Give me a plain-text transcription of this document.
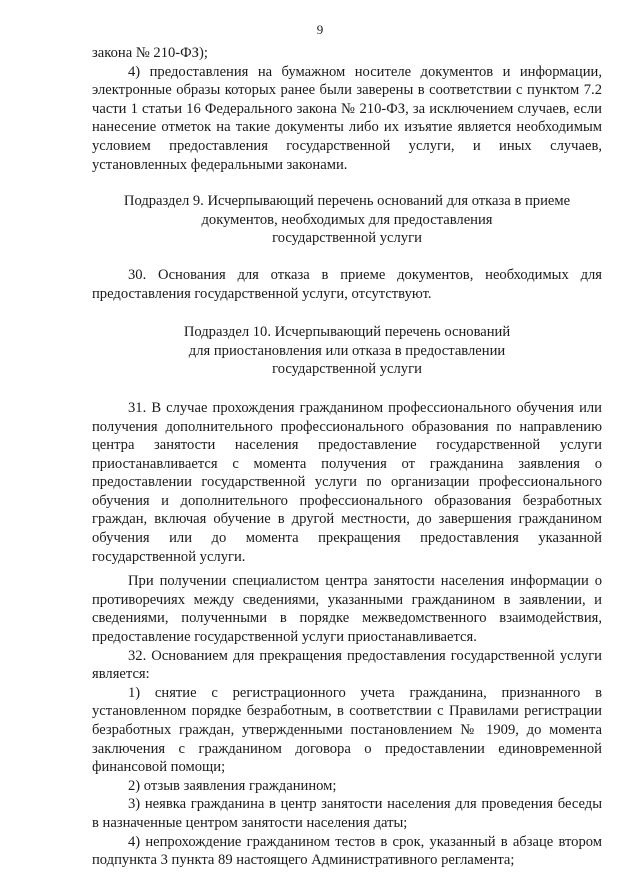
9

закона № 210-ФЗ);

4) предоставления на бумажном носителе документов и информации, электронные образы которых ранее были заверены в соответствии с пунктом 7.2 части 1 статьи 16 Федерального закона № 210-ФЗ, за исключением случаев, если нанесение отметок на такие документы либо их изъятие является необходимым условием предоставления государственной услуги, и иных случаев, установленных федеральными законами.

Подраздел 9. Исчерпывающий перечень оснований для отказа в приеме

документов, необходимых для предоставления

государственной услуги

30. Основания для отказа в приеме документов, необходимых для предоставления государственной услуги, отсутствуют.

Подраздел 10. Исчерпывающий перечень оснований

для приостановления или отказа в предоставлении

государственной услуги

31. В случае прохождения гражданином профессионального обучения или получения дополнительного профессионального образования по направлению центра занятости населения предоставление государственной услуги приостанавливается с момента получения от гражданина заявления о предоставлении государственной услуги по организации профессионального обучения и дополнительного профессионального образования безработных граждан, включая обучение в другой местности, до завершения гражданином обучения или до момента прекращения предоставления указанной государственной услуги.

При получении специалистом центра занятости населения информации о противоречиях между сведениями, указанными гражданином в заявлении, и сведениями, полученными в порядке межведомственного взаимодействия, предоставление государственной услуги приостанавливается.

32. Основанием для прекращения предоставления государственной услуги является:

1) снятие с регистрационного учета гражданина, признанного в установленном порядке безработным, в соответствии с Правилами регистрации безработных граждан, утвержденными постановлением № 1909, до момента заключения с гражданином договора о предоставлении единовременной финансовой помощи;

2) отзыв заявления гражданином;

3) неявка гражданина в центр занятости населения для проведения беседы в назначенные центром занятости населения даты;

4) непрохождение гражданином тестов в срок, указанный в абзаце втором подпункта 3 пункта 89 настоящего Административного регламента;
